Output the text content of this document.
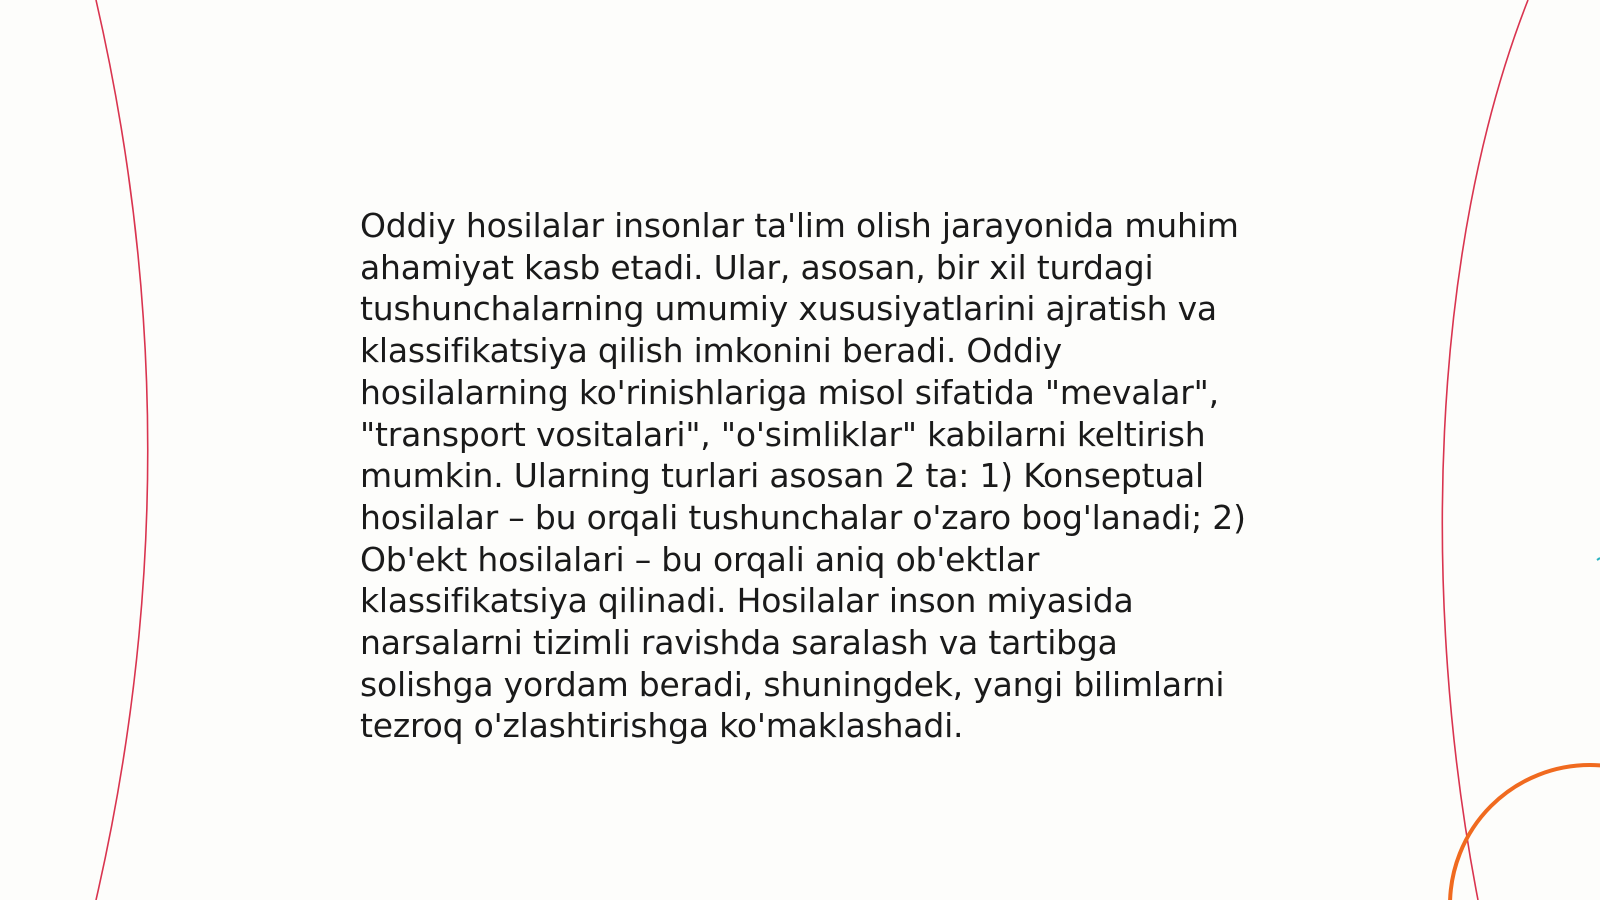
Oddiy hosilalar insonlar ta'lim olish jarayonida muhim
ahamiyat kasb etadi. Ular, asosan, bir xil turdagi
tushunchalarning umumiy xususiyatlarini ajratish va
klassifikatsiya qilish imkonini beradi. Oddiy
hosilalarning ko'rinishlariga misol sifatida "mevalar",
"transport vositalari", "o'simliklar" kabilarni keltirish
mumkin. Ularning turlari asosan 2 ta: 1) Konseptual
hosilalar – bu orqali tushunchalar o'zaro bog'lanadi; 2)
Ob'ekt hosilalari – bu orqali aniq ob'ektlar
klassifikatsiya qilinadi. Hosilalar inson miyasida
narsalarni tizimli ravishda saralash va tartibga
solishga yordam beradi, shuningdek, yangi bilimlarni
tezroq o'zlashtirishga ko'maklashadi.
